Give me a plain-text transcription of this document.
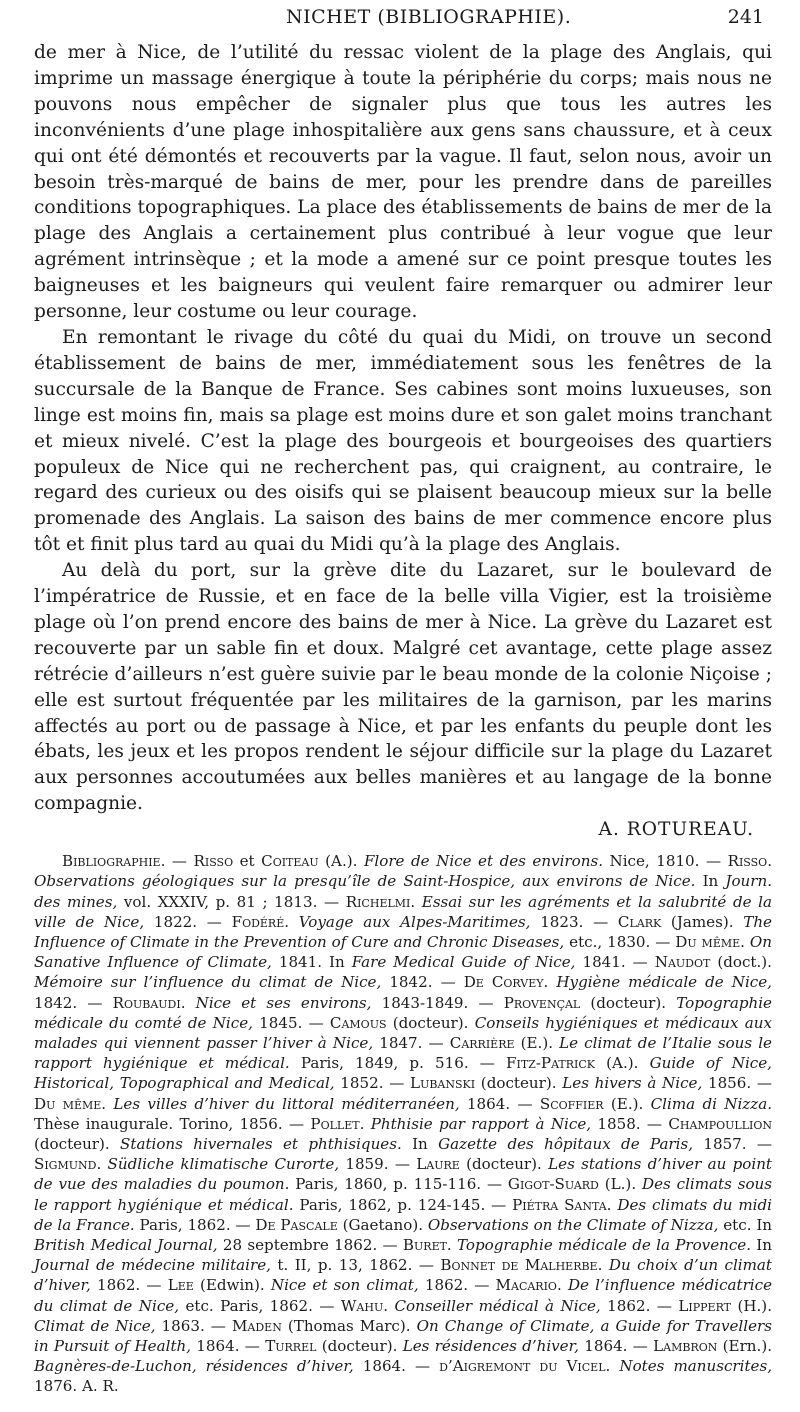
NICHET (BIBLIOGRAPHIE).	241

de mer à Nice, de l’utilité du ressac violent de la plage des Anglais, qui imprime un massage énergique à toute la périphérie du corps; mais nous ne pouvons nous empêcher de signaler plus que tous les autres les inconvénients d’une plage inhospitalière aux gens sans chaussure, et à ceux qui ont été démontés et recouverts par la vague. Il faut, selon nous, avoir un besoin très-marqué de bains de mer, pour les prendre dans de pareilles conditions topographiques. La place des établissements de bains de mer de la plage des Anglais a certainement plus contribué à leur vogue que leur agrément intrinsèque ; et la mode a amené sur ce point presque toutes les baigneuses et les baigneurs qui veulent faire remarquer ou admirer leur personne, leur costume ou leur courage.

En remontant le rivage du côté du quai du Midi, on trouve un second établissement de bains de mer, immédiatement sous les fenêtres de la succursale de la Banque de France. Ses cabines sont moins luxueuses, son linge est moins fin, mais sa plage est moins dure et son galet moins tranchant et mieux nivelé. C’est la plage des bourgeois et bourgeoises des quartiers populeux de Nice qui ne recherchent pas, qui craignent, au contraire, le regard des curieux ou des oisifs qui se plaisent beaucoup mieux sur la belle promenade des Anglais. La saison des bains de mer commence encore plus tôt et finit plus tard au quai du Midi qu’à la plage des Anglais.

Au delà du port, sur la grève dite du Lazaret, sur le boulevard de l’impératrice de Russie, et en face de la belle villa Vigier, est la troisième plage où l’on prend encore des bains de mer à Nice. La grève du Lazaret est recouverte par un sable fin et doux. Malgré cet avantage, cette plage assez rétrécie d’ailleurs n’est guère suivie par le beau monde de la colonie Niçoise ; elle est surtout fréquentée par les militaires de la garnison, par les marins affectés au port ou de passage à Nice, et par les enfants du peuple dont les ébats, les jeux et les propos rendent le séjour difficile sur la plage du Lazaret aux personnes accoutumées aux belles manières et au langage de la bonne compagnie.

A. ROTUREAU.

Bibliographie. — Risso et Coiteau (A.). Flore de Nice et des environs. Nice, 1810. — Risso. Observations géologiques sur la presqu’île de Saint-Hospice, aux environs de Nice. In Journ. des mines, vol. XXXIV, p. 81 ; 1813. — Richelmi. Essai sur les agréments et la salubrité de la ville de Nice, 1822. — Fodéré. Voyage aux Alpes-Maritimes, 1823. — Clark (James). The Influence of Climate in the Prevention of Cure and Chronic Diseases, etc., 1830. — Du même. On Sanative Influence of Climate, 1841. In Fare Medical Guide of Nice, 1841. — Naudot (doct.). Mémoire sur l’influence du climat de Nice, 1842. — De Corvey. Hygiène médicale de Nice, 1842. — Roubaudi. Nice et ses environs, 1843-1849. — Provençal (docteur). Topographie médicale du comté de Nice, 1845. — Camous (docteur). Conseils hygiéniques et médicaux aux malades qui viennent passer l’hiver à Nice, 1847. — Carrière (E.). Le climat de l’Italie sous le rapport hygiénique et médical. Paris, 1849, p. 516. — Fitz-Patrick (A.). Guide of Nice, Historical, Topographical and Medical, 1852. — Lubanski (docteur). Les hivers à Nice, 1856. — Du même. Les villes d’hiver du littoral méditerranéen, 1864. — Scoffier (E.). Clima di Nizza. Thèse inaugurale. Torino, 1856. — Pollet. Phthisie par rapport à Nice, 1858. — Champoullion (docteur). Stations hivernales et phthisiques. In Gazette des hôpitaux de Paris, 1857. — Sigmund. Südliche klimatische Curorte, 1859. — Laure (docteur). Les stations d’hiver au point de vue des maladies du poumon. Paris, 1860, p. 115-116. — Gigot-Suard (L.). Des climats sous le rapport hygiénique et médical. Paris, 1862, p. 124-145. — Piétra Santa. Des climats du midi de la France. Paris, 1862. — De Pascale (Gaetano). Observations on the Climate of Nizza, etc. In British Medical Journal, 28 septembre 1862. — Buret. Topographie médicale de la Provence. In Journal de médecine militaire, t. II, p. 13, 1862. — Bonnet de Malherbe. Du choix d’un climat d’hiver, 1862. — Lee (Edwin). Nice et son climat, 1862. — Macario. De l’influence médicatrice du climat de Nice, etc. Paris, 1862. — Wahu. Conseiller médical à Nice, 1862. — Lippert (H.). Climat de Nice, 1863. — Maden (Thomas Marc). On Change of Climate, a Guide for Travellers in Pursuit of Health, 1864. — Turrel (docteur). Les résidences d’hiver, 1864. — Lambron (Ern.). Bagnères-de-Luchon, résidences d’hiver, 1864. — d’Aigremont du Vicel. Notes manuscrites, 1876. A. R.
